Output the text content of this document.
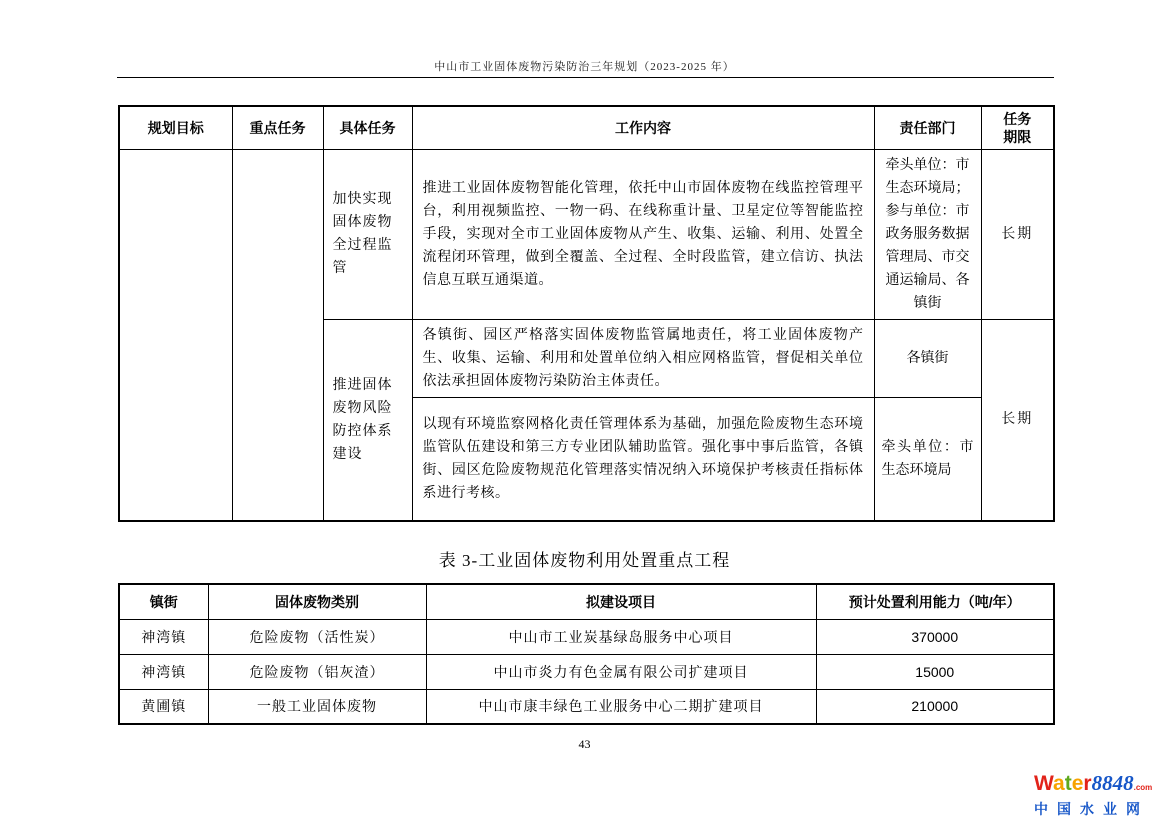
中山市工业固体废物污染防治三年规划（2023-2025 年）
规划目标	重点任务	具体任务	工作内容	责任部门	任务期限
		加快实现固体废物全过程监管	推进工业固体废物智能化管理，依托中山市固体废物在线监控管理平台，利用视频监控、一物一码、在线称重计量、卫星定位等智能监控手段，实现对全市工业固体废物从产生、收集、运输、利用、处置全流程闭环管理，做到全覆盖、全过程、全时段监管，建立信访、执法信息互联互通渠道。	牵头单位：市生态环境局；参与单位：市政务服务数据管理局、市交通运输局、各镇街	长期
		推进固体废物风险防控体系建设	各镇街、园区严格落实固体废物监管属地责任，将工业固体废物产生、收集、运输、利用和处置单位纳入相应网格监管，督促相关单位依法承担固体废物污染防治主体责任。	各镇街	长期
			以现有环境监察网格化责任管理体系为基础，加强危险废物生态环境监管队伍建设和第三方专业团队辅助监管。强化事中事后监管，各镇街、园区危险废物规范化管理落实情况纳入环境保护考核责任指标体系进行考核。	牵头单位：市生态环境局	
表 3-工业固体废物利用处置重点工程
镇街	固体废物类别	拟建设项目	预计处置利用能力（吨/年）
神湾镇	危险废物（活性炭）	中山市工业炭基绿岛服务中心项目	370000
神湾镇	危险废物（铝灰渣）	中山市炎力有色金属有限公司扩建项目	15000
黄圃镇	一般工业固体废物	中山市康丰绿色工业服务中心二期扩建项目	210000
43
Water8848.com
中国水业网
